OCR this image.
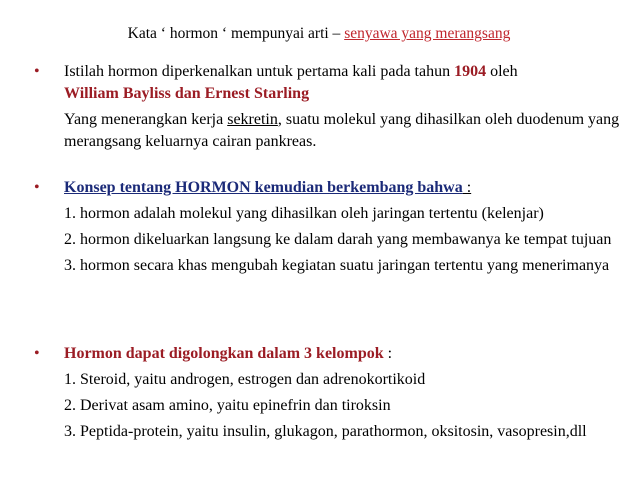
Kata ‘ hormon ‘ mempunyai arti – senyawa yang merangsang
• Istilah hormon diperkenalkan untuk pertama kali pada tahun 1904 oleh
William Bayliss dan Ernest Starling
Yang menerangkan kerja sekretin, suatu molekul yang dihasilkan oleh duodenum yang merangsang keluarnya cairan pankreas.
• Konsep tentang HORMON kemudian berkembang bahwa :
1. hormon adalah molekul yang dihasilkan oleh jaringan tertentu (kelenjar)
2. hormon dikeluarkan langsung ke dalam darah yang membawanya ke tempat tujuan
3. hormon secara khas mengubah kegiatan suatu jaringan tertentu yang menerimanya
• Hormon dapat digolongkan dalam 3 kelompok :
1. Steroid, yaitu androgen, estrogen dan adrenokortikoid
2. Derivat asam amino, yaitu epinefrin dan tiroksin
3. Peptida-protein, yaitu insulin, glukagon, parathormon, oksitosin, vasopresin,dll
